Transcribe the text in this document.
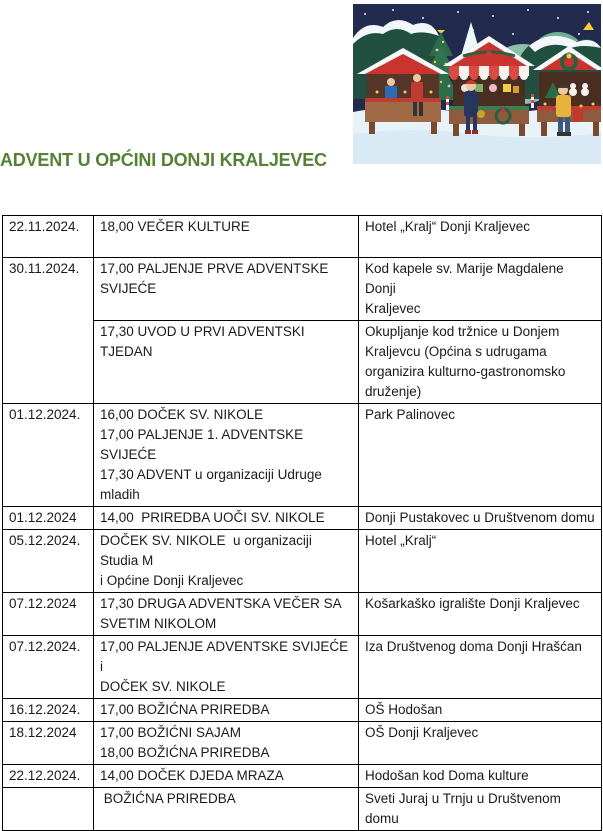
ADVENT U OPĆINI DONJI KRALJEVEC
22.11.2024.	18,00 VEČER KULTURE	Hotel „Kralj“ Donji Kraljevec

30.11.2024.	17,00 PALJENJE PRVE ADVENTSKE SVIJEĆE	Kod kapele sv. Marije Magdalene Donji
Kraljevec

	17,30 UVOD U PRVI ADVENTSKI  TJEDAN	Okupljanje kod tržnice u Donjem
Kraljevcu (Općina s udrugama
organizira kulturno-gastronomsko
druženje)

01.12.2024.	16,00 DOČEK SV. NIKOLE
17,00 PALJENJE 1. ADVENTSKE SVIJEĆE
17,30 ADVENT u organizaciji Udruge
mladih	Park Palinovec

01.12.2024	14,00  PRIREDBA UOČI SV. NIKOLE	Donji Pustakovec u Društvenom domu

05.12.2024.	DOČEK SV. NIKOLE  u organizaciji Studia M
i Općine Donji Kraljevec	Hotel „Kralj“

07.12.2024	17,30 DRUGA ADVENTSKA VEČER SA
SVETIM NIKOLOM	Košarkaško igralište Donji Kraljevec

07.12.2024.	17,00 PALJENJE ADVENTSKE SVIJEĆE i
DOČEK SV. NIKOLE	Iza Društvenog doma Donji Hrašćan

16.12.2024.	17,00 BOŽIĆNA PRIREDBA	OŠ Hodošan

18.12.2024	17,00 BOŽIĆNI SAJAM
18,00 BOŽIĆNA PRIREDBA	OŠ Donji Kraljevec

22.12.2024.	14,00 DOČEK DJEDA MRAZA	Hodošan kod Doma kulture

	BOŽIĆNA PRIREDBA	Sveti Juraj u Trnju u Društvenom domu
